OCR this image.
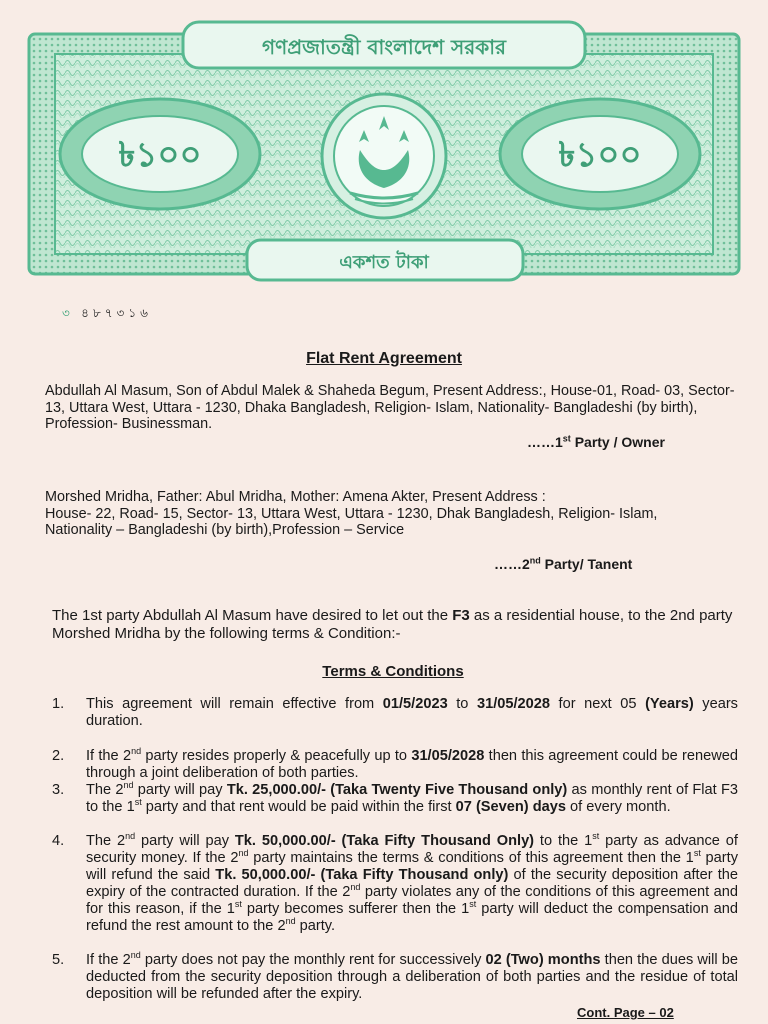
গণপ্রজাতন্ত্রী বাংলাদেশ সরকার
৳১০০	৳১০০
একশত টাকা
৩ ৪৮৭৩১৬
Flat Rent Agreement
Abdullah Al Masum, Son of Abdul Malek & Shaheda Begum, Present Address:, House-01, Road- 03, Sector- 13, Uttara West, Uttara - 1230, Dhaka Bangladesh, Religion- Islam, Nationality- Bangladeshi (by birth), Profession- Businessman.
……1st Party / Owner
Morshed Mridha, Father: Abul Mridha, Mother: Amena Akter, Present Address :
House- 22, Road- 15, Sector- 13, Uttara West, Uttara - 1230, Dhak Bangladesh, Religion- Islam,
Nationality – Bangladeshi (by birth),Profession – Service
……2nd Party/ Tanent
The 1st party Abdullah Al Masum have desired to let out the F3 as a residential house, to the 2nd party Morshed Mridha by the following terms & Condition:-
Terms & Conditions
1. This agreement will remain effective from 01/5/2023 to 31/05/2028 for next 05 (Years) years duration.
2. If the 2nd party resides properly & peacefully up to 31/05/2028 then this agreement could be renewed through a joint deliberation of both parties.
3. The 2nd party will pay Tk. 25,000.00/- (Taka Twenty Five Thousand only) as monthly rent of Flat F3 to the 1st party and that rent would be paid within the first 07 (Seven) days of every month.
4. The 2nd party will pay Tk. 50,000.00/- (Taka Fifty Thousand Only) to the 1st party as advance of security money. If the 2nd party maintains the terms & conditions of this agreement then the 1st party will refund the said Tk. 50,000.00/- (Taka Fifty Thousand only) of the security deposition after the expiry of the contracted duration. If the 2nd party violates any of the conditions of this agreement and for this reason, if the 1st party becomes sufferer then the 1st party will deduct the compensation and refund the rest amount to the 2nd party.
5. If the 2nd party does not pay the monthly rent for successively 02 (Two) months then the dues will be deducted from the security deposition through a deliberation of both parties and the residue of total deposition will be refunded after the expiry.
Cont. Page – 02
